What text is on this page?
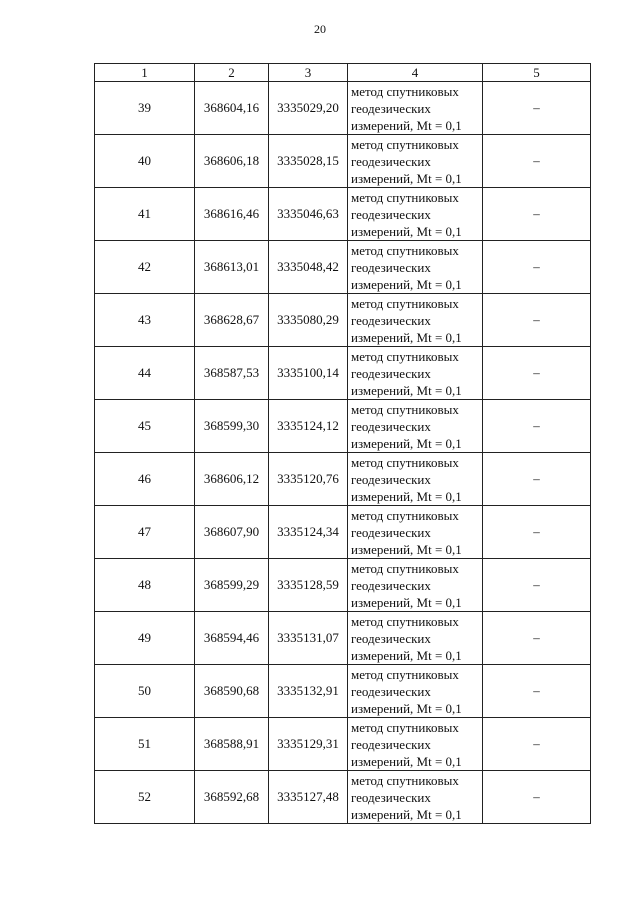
20
1	2	3	4	5
39	368604,16	3335029,20	метод спутниковых
геодезических
измерений, Mt = 0,1	–
40	368606,18	3335028,15	метод спутниковых
геодезических
измерений, Mt = 0,1	–
41	368616,46	3335046,63	метод спутниковых
геодезических
измерений, Mt = 0,1	–
42	368613,01	3335048,42	метод спутниковых
геодезических
измерений, Mt = 0,1	–
43	368628,67	3335080,29	метод спутниковых
геодезических
измерений, Mt = 0,1	–
44	368587,53	3335100,14	метод спутниковых
геодезических
измерений, Mt = 0,1	–
45	368599,30	3335124,12	метод спутниковых
геодезических
измерений, Mt = 0,1	–
46	368606,12	3335120,76	метод спутниковых
геодезических
измерений, Mt = 0,1	–
47	368607,90	3335124,34	метод спутниковых
геодезических
измерений, Mt = 0,1	–
48	368599,29	3335128,59	метод спутниковых
геодезических
измерений, Mt = 0,1	–
49	368594,46	3335131,07	метод спутниковых
геодезических
измерений, Mt = 0,1	–
50	368590,68	3335132,91	метод спутниковых
геодезических
измерений, Mt = 0,1	–
51	368588,91	3335129,31	метод спутниковых
геодезических
измерений, Mt = 0,1	–
52	368592,68	3335127,48	метод спутниковых
геодезических
измерений, Mt = 0,1	–
